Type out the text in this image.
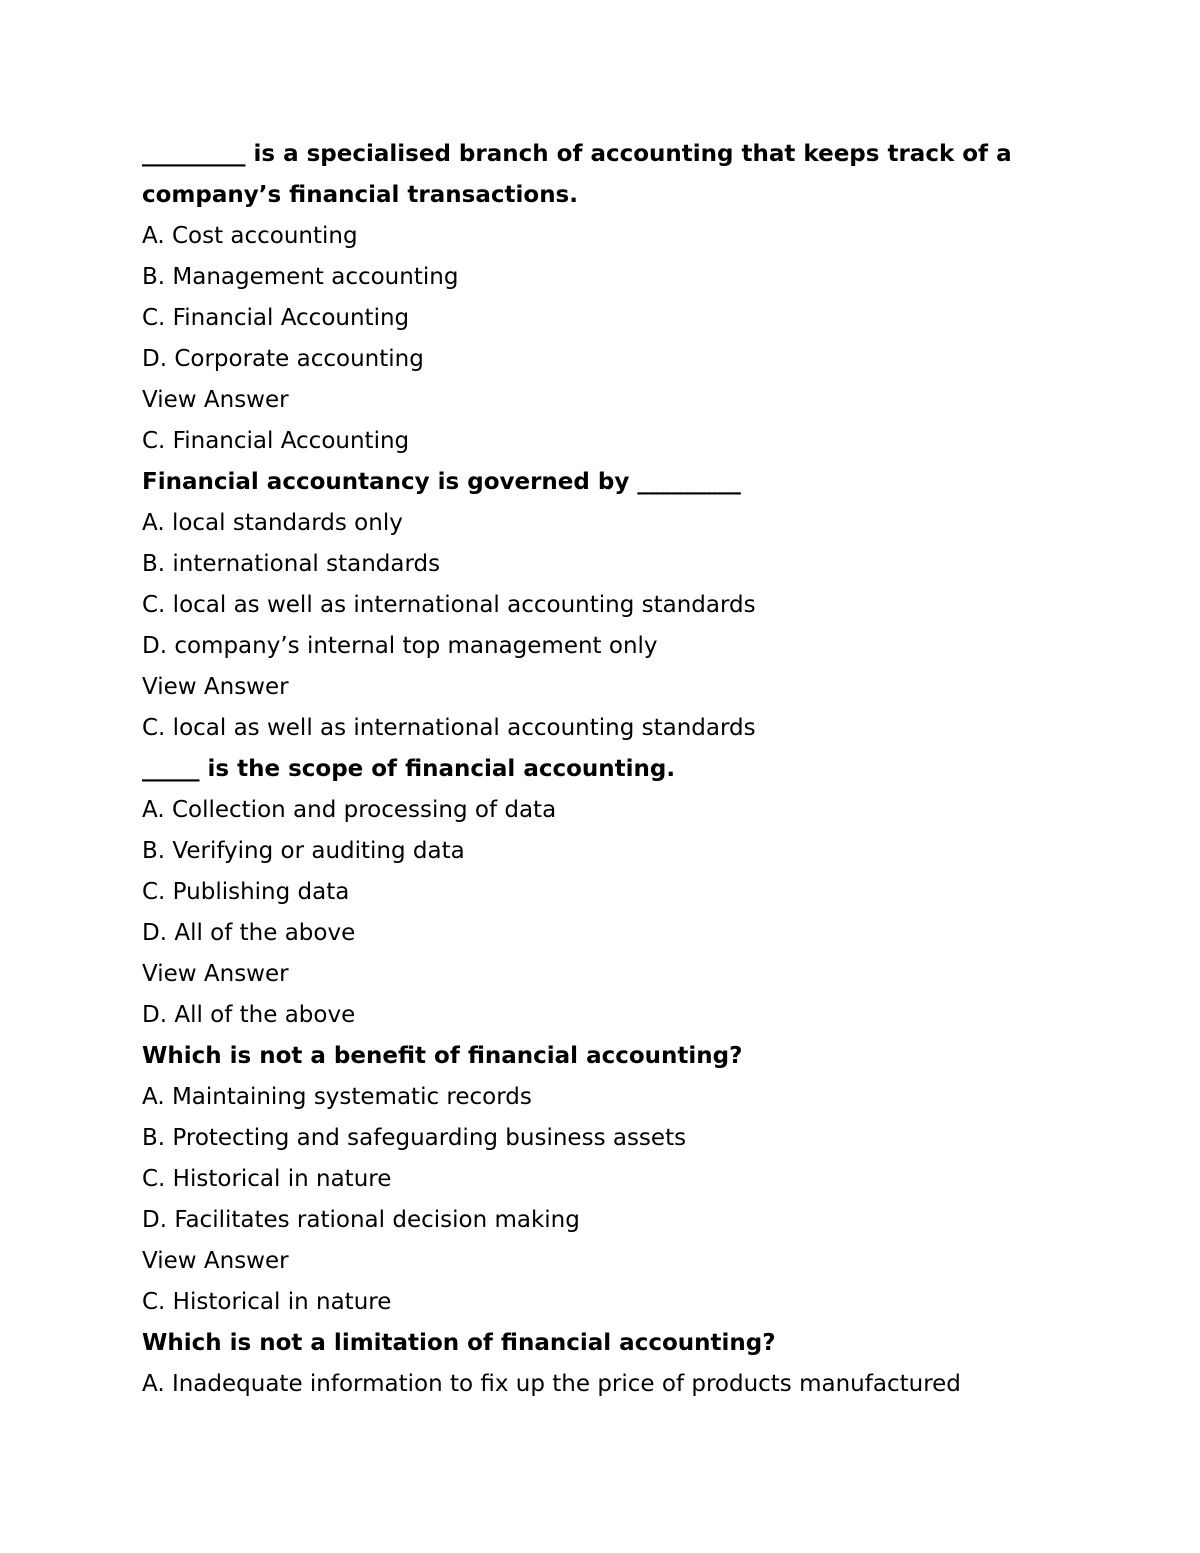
_________ is a specialised branch of accounting that keeps track of a

company’s financial transactions.

A. Cost accounting

B. Management accounting

C. Financial Accounting

D. Corporate accounting

View Answer

C. Financial Accounting

Financial accountancy is governed by _________

A. local standards only

B. international standards

C. local as well as international accounting standards

D. company’s internal top management only

View Answer

C. local as well as international accounting standards

_____ is the scope of financial accounting.

A. Collection and processing of data

B. Verifying or auditing data

C. Publishing data

D. All of the above

View Answer

D. All of the above

Which is not a benefit of financial accounting?

A. Maintaining systematic records

B. Protecting and safeguarding business assets

C. Historical in nature

D. Facilitates rational decision making

View Answer

C. Historical in nature

Which is not a limitation of financial accounting?

A. Inadequate information to fix up the price of products manufactured
